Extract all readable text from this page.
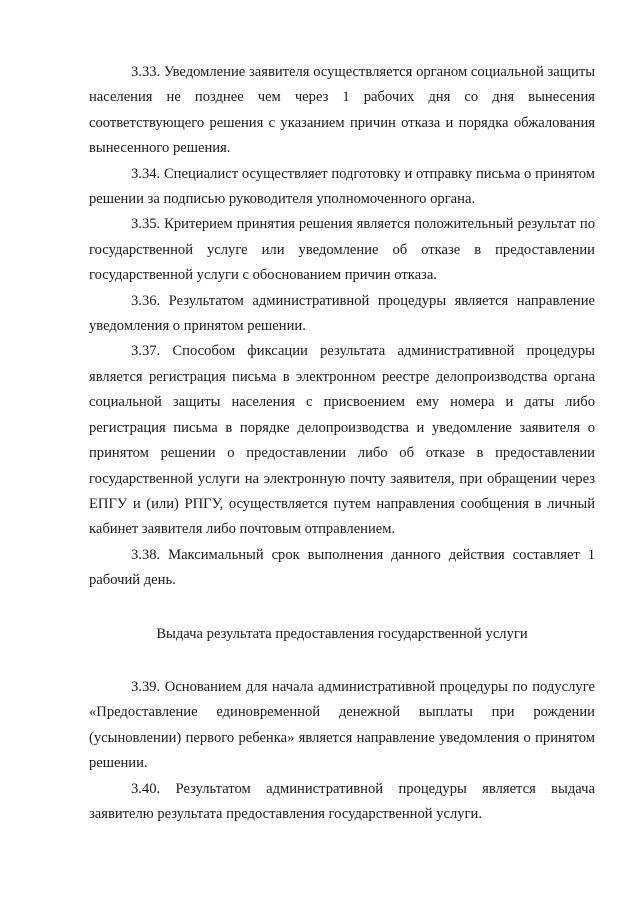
3.33. Уведомление заявителя осуществляется органом социальной защиты населения не позднее чем через 1 рабочих дня со дня вынесения соответствующего решения с указанием причин отказа и порядка обжалования вынесенного решения.

3.34. Специалист осуществляет подготовку и отправку письма о принятом решении за подписью руководителя уполномоченного органа.

3.35. Критерием принятия решения является положительный результат по государственной услуге или уведомление об отказе в предоставлении государственной услуги с обоснованием причин отказа.

3.36. Результатом административной процедуры является направление уведомления о принятом решении.

3.37. Способом фиксации результата административной процедуры является регистрация письма в электронном реестре делопроизводства органа социальной защиты населения с присвоением ему номера и даты либо регистрация письма в порядке делопроизводства и уведомление заявителя о принятом решении о предоставлении либо об отказе в предоставлении государственной услуги на электронную почту заявителя, при обращении через ЕПГУ и (или) РПГУ, осуществляется путем направления сообщения в личный кабинет заявителя либо почтовым отправлением.

3.38. Максимальный срок выполнения данного действия составляет 1 рабочий день.

Выдача результата предоставления государственной услуги

3.39. Основанием для начала административной процедуры по подуслуге «Предоставление единовременной денежной выплаты при рождении (усыновлении) первого ребенка» является направление уведомления о принятом решении.

3.40. Результатом административной процедуры является выдача заявителю результата предоставления государственной услуги.
